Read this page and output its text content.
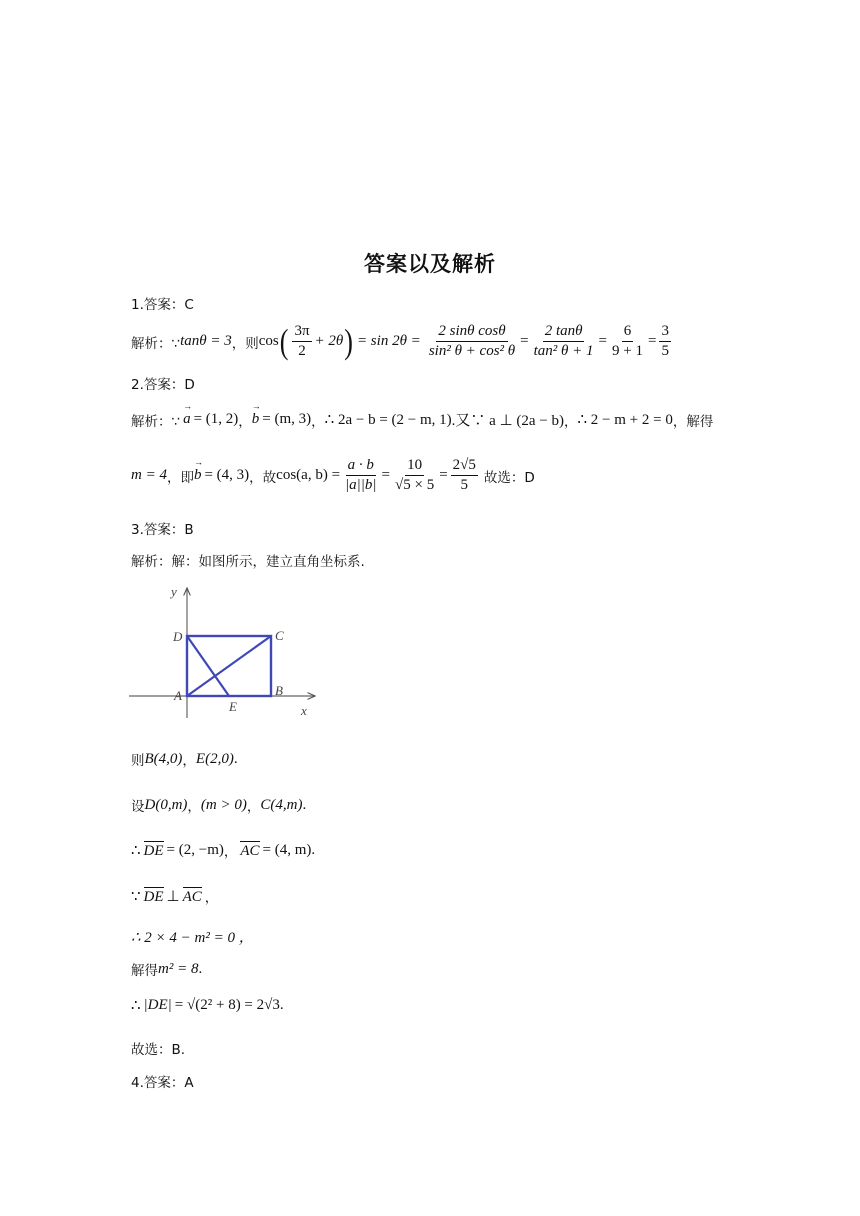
答案以及解析
1.答案：C
解析：∵ tanθ = 3 ，则 cos ( $\frac{3\pi}{2} + 2\theta$ ) = $\sin 2\theta = \frac{\text{2 sinθ cosθ}}{\text{sin² θ + cos² θ}} = \frac{2 \tan\theta}{\text{tan² θ + 1}} = \frac{6}{9 + 1} = \frac{3}{5}$
2.答案：D
解析：∵ → a = (1, 2) ， → b = (m, 3) ， ∴ 2a − b = (2 − m, 1) .又∵ a ⊥ (2a − b) ， ∴ 2 − m + 2 = 0 ，解得
m = 4 ，即 → b = (4, 3) ，故 cos(a, $b) = \frac{a \cdot b}{|a||b|} = \frac{10}{√5 \times 5} = \frac{2√5}{5}$ 故选：D
3.答案：B
解析：解：如图所示，建立直角坐标系.
y
x
A	B
C
D
E
则 B(4,0) ， E(2,0) .
设 D(0,m) ， (m > 0) ， C(4,m) .
∴ DE = (2, −m) ， AC = (4, m) .
∵ DE ⊥ AC ，
∴ 2 × 4 − m² = 0 ，
解得 m² = 8 .
∴ |DE| = √(2² + 8) = 2√3 .
故选：B.
4.答案：A
